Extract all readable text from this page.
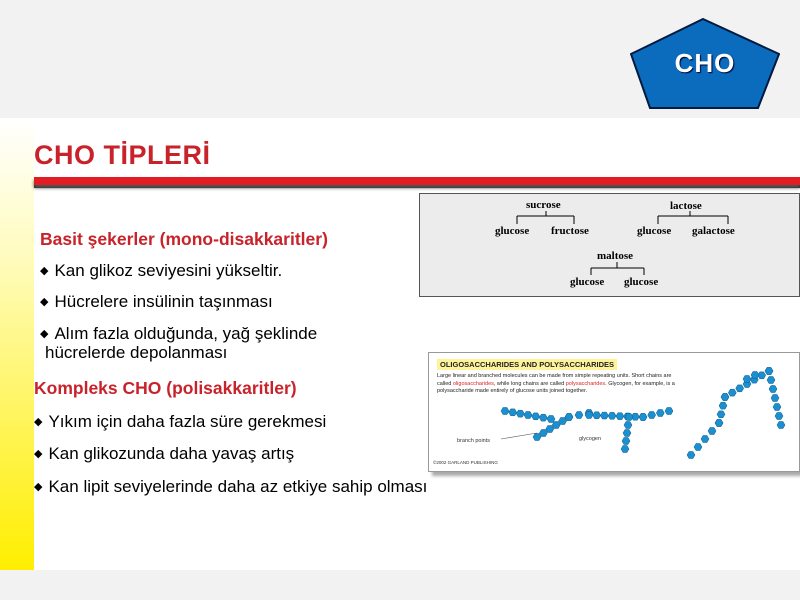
CHO
CHO TİPLERİ
Basit şekerler (mono-disakkaritler)
◆ Kan glikoz seviyesini yükseltir.
◆ Hücrelere insülinin taşınması
◆ Alım fazla olduğunda, yağ şeklinde
hücrelerde depolanması
Kompleks CHO (polisakkaritler)
◆ Yıkım için daha fazla süre gerekmesi
◆ Kan glikozunda daha yavaş artış
◆ Kan lipit seviyelerinde daha az etkiye sahip olması
sucrose
glucose fructose
lactose
glucose galactose
maltose
glucose glucose
OLIGOSACCHARIDES AND POLYSACCHARIDES
Large linear and branched molecules can be made from simple repeating units. Short chains are called oligosaccharides, while long chains are called polysaccharides. Glycogen, for example, is a polysaccharide made entirely of glucose units joined together.
branch points	glycogen
©2002 GARLAND PUBLISHING
